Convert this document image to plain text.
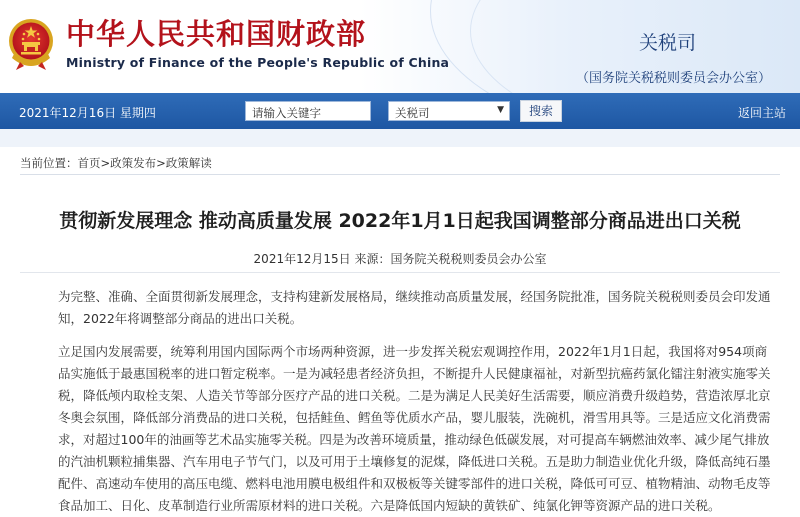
中华人民共和国财政部
Ministry of Finance of the People's Republic of China
关税司
（国务院关税税则委员会办公室）
2021年12月16日 星期四	请输入关键字	关税司	▼	搜索	返回主站
当前位置：首页>政策发布>政策解读
贯彻新发展理念 推动高质量发展 2022年1月1日起我国调整部分商品进出口关税
2021年12月15日 来源：国务院关税税则委员会办公室
为完整、准确、全面贯彻新发展理念，支持构建新发展格局，继续推动高质量发展，经国务院批准，国务院关税税则委员会印发通知，2022年将调整部分商品的进出口关税。
立足国内发展需要，统筹利用国内国际两个市场两种资源，进一步发挥关税宏观调控作用，2022年1月1日起，我国将对954项商品实施低于最惠国税率的进口暂定税率。一是为减轻患者经济负担，不断提升人民健康福祉，对新型抗癌药氯化镭注射液实施零关税，降低颅内取栓支架、人造关节等部分医疗产品的进口关税。二是为满足人民美好生活需要，顺应消费升级趋势，营造浓厚北京冬奥会氛围，降低部分消费品的进口关税，包括鲑鱼、鳕鱼等优质水产品，婴儿服装，洗碗机，滑雪用具等。三是适应文化消费需求，对超过100年的油画等艺术品实施零关税。四是为改善环境质量，推动绿色低碳发展，对可提高车辆燃油效率、减少尾气排放的汽油机颗粒捕集器、汽车用电子节气门，以及可用于土壤修复的泥煤，降低进口关税。五是助力制造业优化升级，降低高纯石墨配件、高速动车使用的高压电缆、燃料电池用膜电极组件和双极板等关键零部件的进口关税，降低可可豆、植物精油、动物毛皮等食品加工、日化、皮革制造行业所需原材料的进口关税。六是降低国内短缺的黄铁矿、纯氯化钾等资源产品的进口关税。
